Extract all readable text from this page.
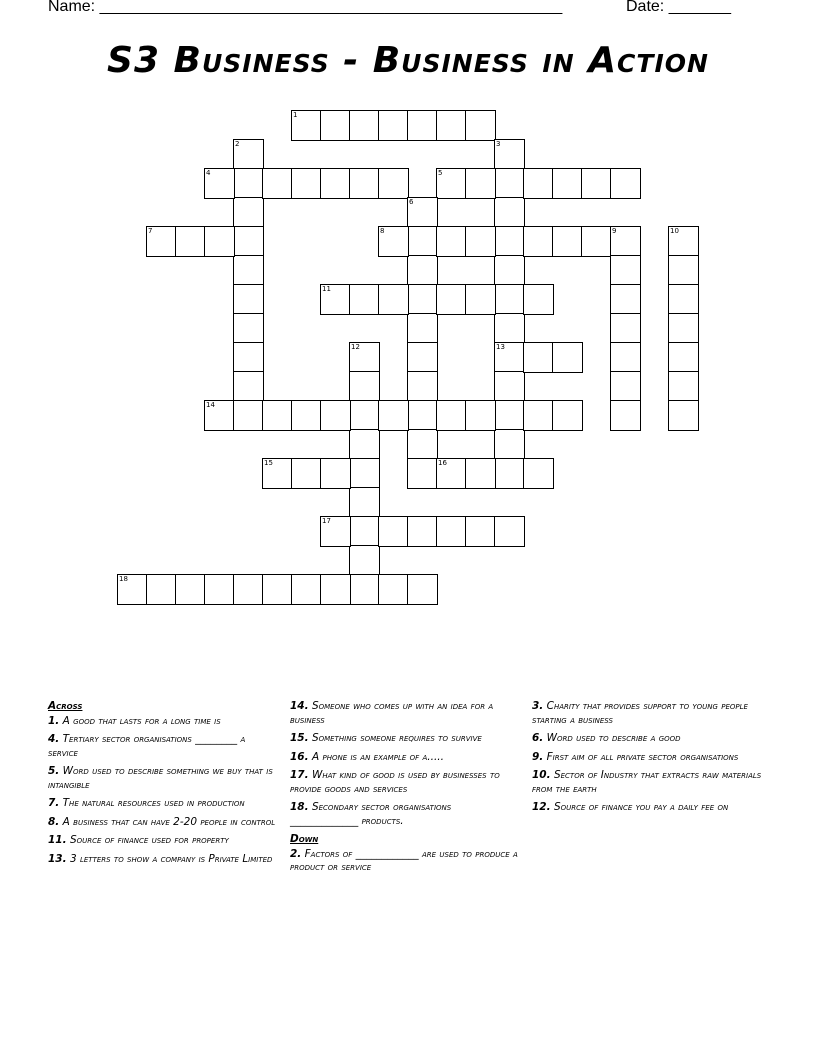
Name: ____________________________________________________	Date: _______
S3 Business - Business in Action
1
2	3
13
4	5
6
7	8	9	10
11
12
14
15	16
17
18
Across
1. A good that lasts for a long time is
4. Tertiary sector organisations ________ a service
5. Word used to describe something we buy that is intangible
7. The natural resources used in production
8. A business that can have 2-20 people in control
11. Source of finance used for property
13. 3 letters to show a company is Private Limited
14. Someone who comes up with an idea for a business
15. Something someone requires to survive
16. A phone is an example of a.....
17. What kind of good is used by businesses to provide goods and services
18. Secondary sector organisations _____________ products.
Down
2. Factors of ____________ are used to produce a product or service
3. Charity that provides support to young people starting a business
6. Word used to describe a good
9. First aim of all private sector organisations
10. Sector of Industry that extracts raw materials from the earth
12. Source of finance you pay a daily fee on
